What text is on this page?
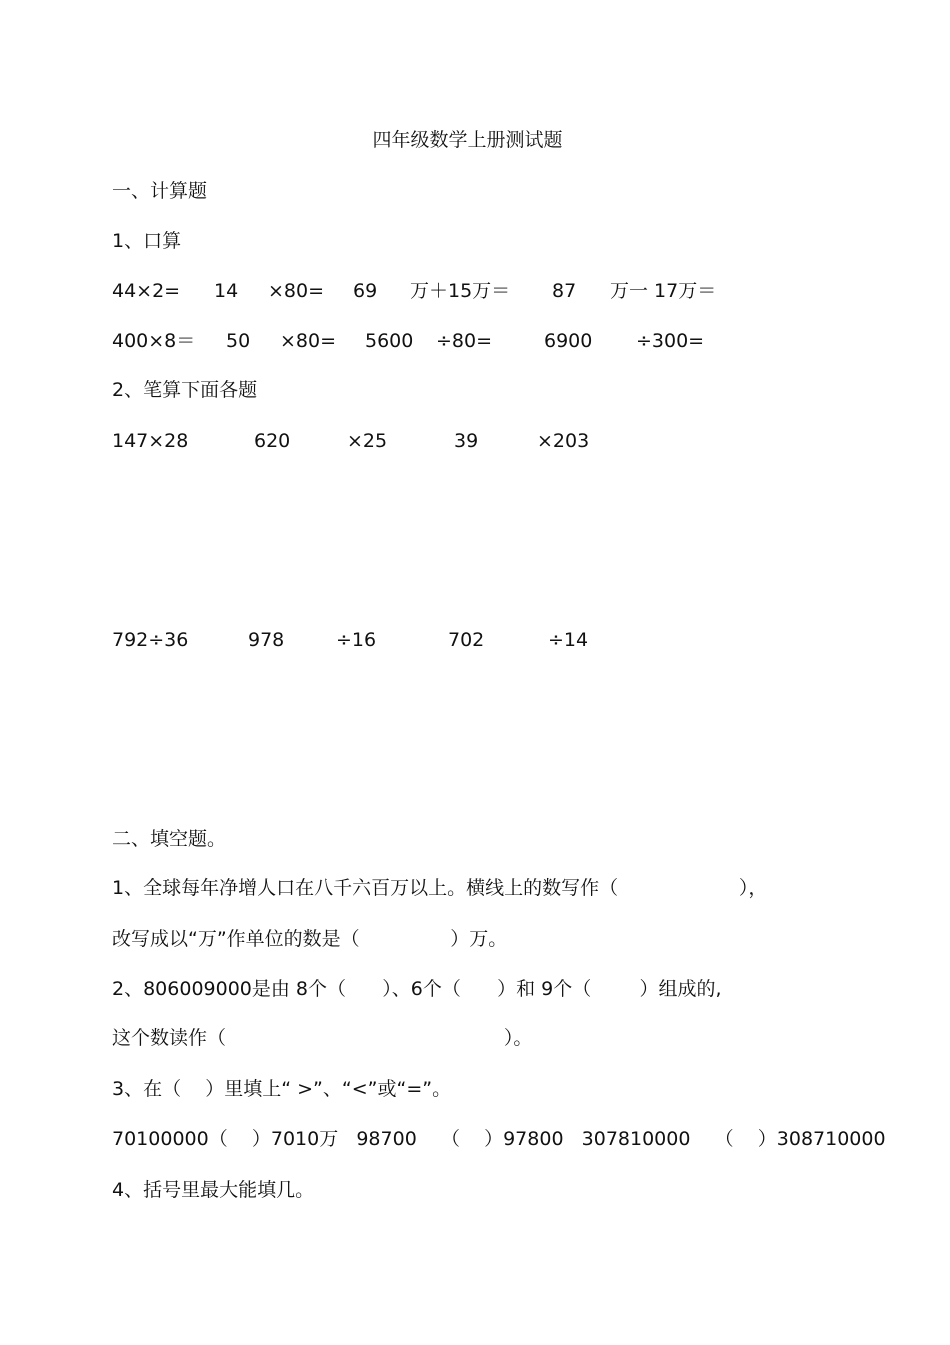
四年级数学上册测试题
一、计算题
1、口算
44×2= 14 ×80= 69 万＋15万＝ 87 万一 17万＝
400×8＝ 50 ×80= 5600 ÷80=	6900 ÷300=
2、笔算下面各题
147×28	620	×25	39	×203
792÷36	978	÷16	702	÷14
二、填空题。
1、全球每年净增人口在八千六百万以上。横线上的数写作（                    ），
改写成以“万”作单位的数是（               ）万。
2、806009000是由 8个（      ）、6个（      ）和 9个（        ）组成的,
这个数读作（                                              ）。
3、在（    ）里填上“ >”、“<”或“=”。
70100000（    ）7010万   98700    （    ）97800   307810000    （    ）308710000
4、括号里最大能填几。
